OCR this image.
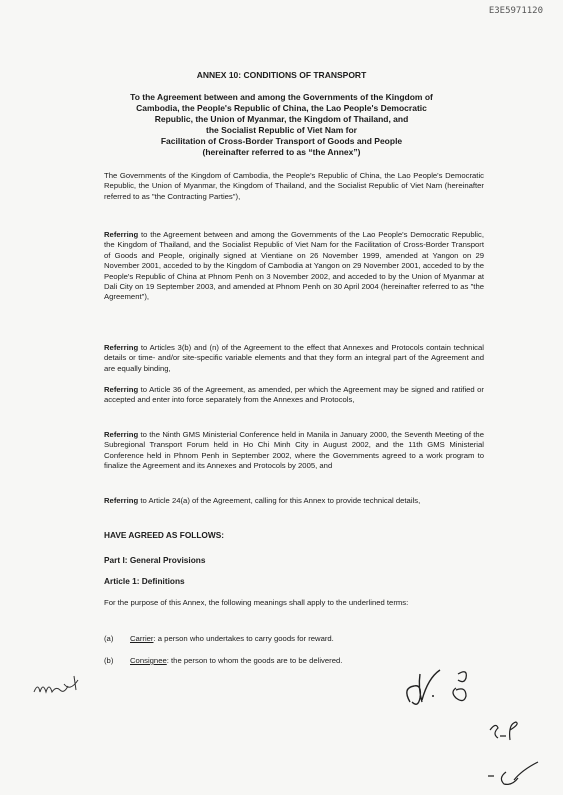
E3E5971120
ANNEX 10: CONDITIONS OF TRANSPORT
To the Agreement between and among the Governments of the Kingdom of
Cambodia, the People's Republic of China, the Lao People's Democratic
Republic, the Union of Myanmar, the Kingdom of Thailand, and
the Socialist Republic of Viet Nam for
Facilitation of Cross-Border Transport of Goods and People
(hereinafter referred to as “the Annex”)
The Governments of the Kingdom of Cambodia, the People's Republic of China, the Lao People's Democratic Republic, the Union of Myanmar, the Kingdom of Thailand, and the Socialist Republic of Viet Nam (hereinafter referred to as "the Contracting Parties"),
Referring to the Agreement between and among the Governments of the Lao People's Democratic Republic, the Kingdom of Thailand, and the Socialist Republic of Viet Nam for the Facilitation of Cross-Border Transport of Goods and People, originally signed at Vientiane on 26 November 1999, amended at Yangon on 29 November 2001, acceded to by the Kingdom of Cambodia at Yangon on 29 November 2001, acceded to by the People's Republic of China at Phnom Penh on 3 November 2002, and acceded to by the Union of Myanmar at Dali City on 19 September 2003, and amended at Phnom Penh on 30 April 2004 (hereinafter referred to as "the Agreement"),
Referring to Articles 3(b) and (n) of the Agreement to the effect that Annexes and Protocols contain technical details or time- and/or site-specific variable elements and that they form an integral part of the Agreement and are equally binding,
Referring to Article 36 of the Agreement, as amended, per which the Agreement may be signed and ratified or accepted and enter into force separately from the Annexes and Protocols,
Referring to the Ninth GMS Ministerial Conference held in Manila in January 2000, the Seventh Meeting of the Subregional Transport Forum held in Ho Chi Minh City in August 2002, and the 11th GMS Ministerial Conference held in Phnom Penh in September 2002, where the Governments agreed to a work program to finalize the Agreement and its Annexes and Protocols by 2005, and
Referring to Article 24(a) of the Agreement, calling for this Annex to provide technical details,
HAVE AGREED AS FOLLOWS:
Part I: General Provisions
Article 1: Definitions
For the purpose of this Annex, the following meanings shall apply to the underlined terms:
(a) Carrier: a person who undertakes to carry goods for reward.
(b) Consignee: the person to whom the goods are to be delivered.
